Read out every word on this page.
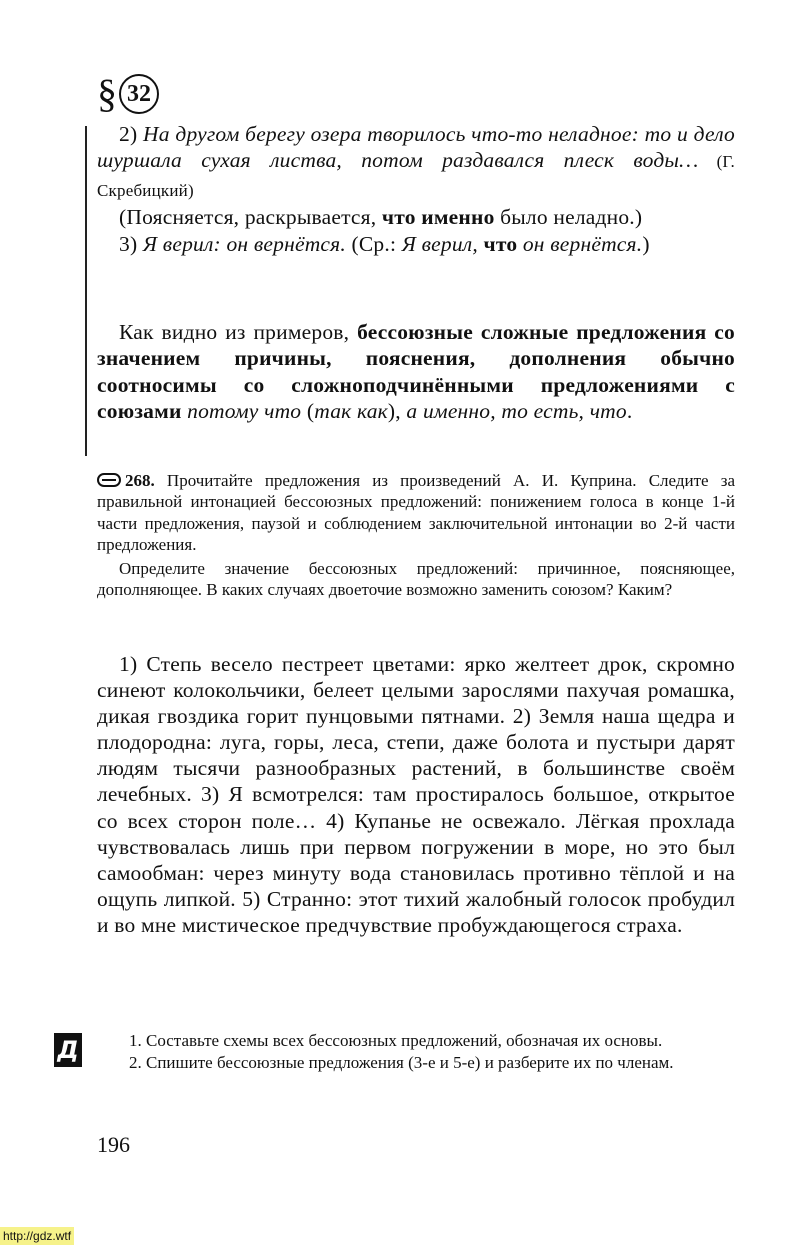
§ 32

2) На другом берегу озера творилось что-то неладное: то и дело шуршала сухая листва, потом раздавался плеск воды… (Г. Скребицкий)

(Поясняется, раскрывается, что именно было неладно.)

3) Я верил: он вернётся. (Ср.: Я верил, что он вернётся.)

Как видно из примеров, бессоюзные сложные предложения со значением причины, пояснения, дополнения обычно соотносимы со сложноподчинёнными предложениями с союзами потому что (так как), а именно, то есть, что.

268. Прочитайте предложения из произведений А. И. Куприна. Следите за правильной интонацией бессоюзных предложений: понижением голоса в конце 1-й части предложения, паузой и соблюдением заключительной интонации во 2-й части предложения.

Определите значение бессоюзных предложений: причинное, поясняющее, дополняющее. В каких случаях двоеточие возможно заменить союзом? Каким?

1) Степь весело пестреет цветами: ярко желтеет дрок, скромно синеют колокольчики, белеет целыми зарослями пахучая ромашка, дикая гвоздика горит пунцовыми пятнами. 2) Земля наша щедра и плодородна: луга, горы, леса, степи, даже болота и пустыри дарят людям тысячи разнообразных растений, в большинстве своём лечебных. 3) Я всмотрелся: там простиралось большое, открытое со всех сторон поле… 4) Купанье не освежало. Лёгкая прохлада чувствовалась лишь при первом погружении в море, но это был самообман: через минуту вода становилась противно тёплой и на ощупь липкой. 5) Странно: этот тихий жалобный голосок пробудил и во мне мистическое предчувствие пробуждающегося страха.

Д	1. Составьте схемы всех бессоюзных предложений, обозначая их основы.

2. Спишите бессоюзные предложения (3-е и 5-е) и разберите их по членам.

196
http://gdz.wtf
